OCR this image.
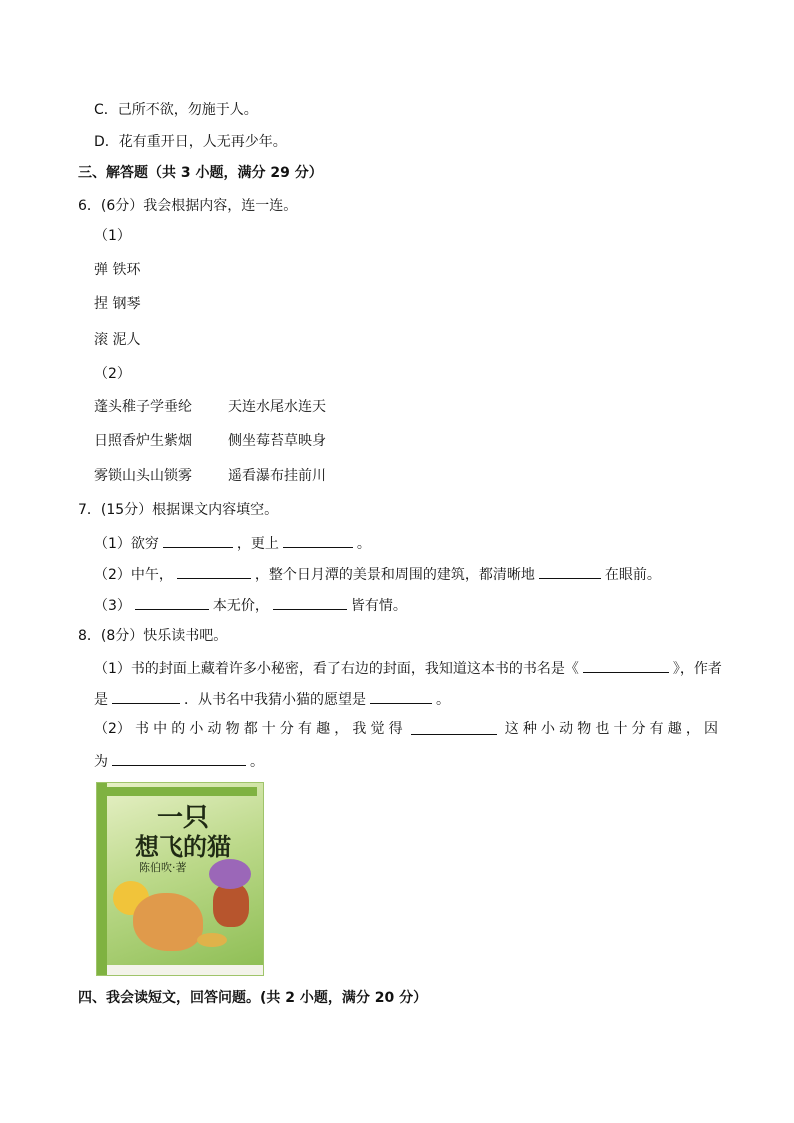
C．己所不欲，勿施于人。
D．花有重开日，人无再少年。
三、解答题（共 3 小题，满分 29 分）
6．(6分）我会根据内容，连一连。
（1）
弹 铁环
捏 钢琴
滚 泥人
（2）
蓬头稚子学垂纶	天连水尾水连天
日照香炉生紫烟	侧坐莓苔草映身
雾锁山头山锁雾	遥看瀑布挂前川
7．(15分）根据课文内容填空。
（1）欲穷	，更上	。
（2）中午，	，整个日月潭的美景和周围的建筑，都清晰地	在眼前。
（3）	本无价，	皆有情。
8．(8分）快乐读书吧。
（1）书的封面上藏着许多小秘密，看了右边的封面，我知道这本书的书名是《	》，作者
是	．从书名中我猜小猫的愿望是	。
（2） 书 中 的 小 动 物 都 十 分 有 趣 ， 我 觉 得	这 种 小 动 物 也 十 分 有 趣 ， 因
为	。
一只
想飞的猫
陈伯吹·著
四、我会读短文，回答问题。(共 2 小题，满分 20 分）
